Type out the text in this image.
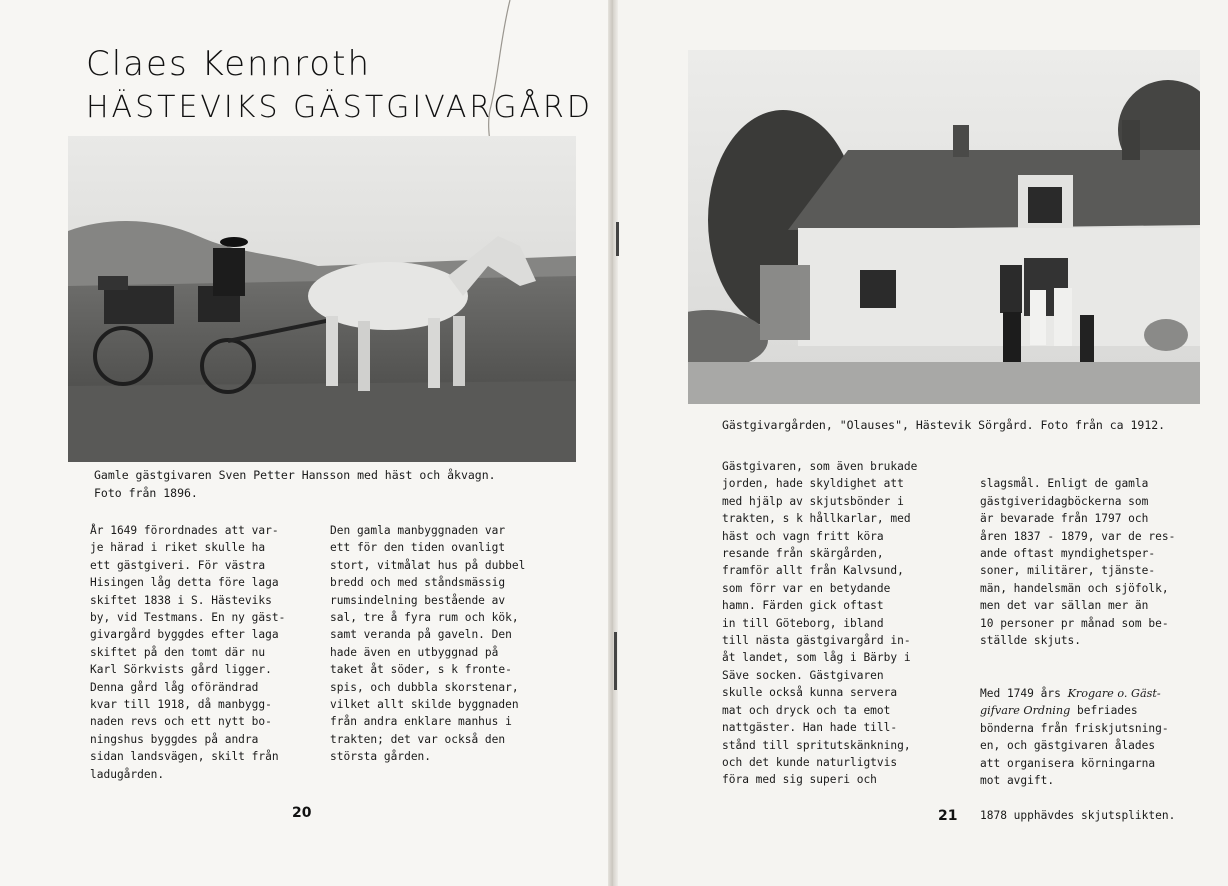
Claes Kennroth
HÄSTEVIKS GÄSTGIVARGÅRD
Gamle gästgivaren Sven Petter Hansson med häst och åkvagn.
Foto från 1896.
År 1649 förordnades att var-
je härad i riket skulle ha
ett gästgiveri. För västra
Hisingen låg detta före laga
skiftet 1838 i S. Hästeviks
by, vid Testmans. En ny gäst-
givargård byggdes efter laga
skiftet på den tomt där nu
Karl Sörkvists gård ligger.
Denna gård låg oförändrad
kvar till 1918, då manbygg-
naden revs och ett nytt bo-
ningshus byggdes på andra
sidan landsvägen, skilt från
ladugården.
Den gamla manbyggnaden var
ett för den tiden ovanligt
stort, vitmålat hus på dubbel
bredd och med ståndsmässig
rumsindelning bestående av
sal, tre å fyra rum och kök,
samt veranda på gaveln. Den
hade även en utbyggnad på
taket åt söder, s k fronte-
spis, och dubbla skorstenar,
vilket allt skilde byggnaden
från andra enklare manhus i
trakten; det var också den
största gården.
20
Gästgivargården, "Olauses", Hästevik Sörgård. Foto från ca 1912.
Gästgivaren, som även brukade
jorden, hade skyldighet att
med hjälp av skjutsbönder i
trakten, s k hållkarlar, med
häst och vagn fritt köra
resande från skärgården,
framför allt från Kalvsund,
som förr var en betydande
hamn. Färden gick oftast
in till Göteborg, ibland
till nästa gästgivargård in-
åt landet, som låg i Bärby i
Säve socken. Gästgivaren
skulle också kunna servera
mat och dryck och ta emot
nattgäster. Han hade till-
stånd till spritutskänkning,
och det kunde naturligtvis
föra med sig superi och

slagsmål. Enligt de gamla
gästgiveridagböckerna som
är bevarade från 1797 och
åren 1837 - 1879, var de res-
ande oftast myndighetsper-
soner, militärer, tjänste-
män, handelsmän och sjöfolk,
men det var sällan mer än
10 personer pr månad som be-
ställde skjuts.

Med 1749 års Krogare o. Gäst-
gifvare Ordning befriades
bönderna från friskjutsning-
en, och gästgivaren ålades
att organisera körningarna
mot avgift.

1878 upphävdes skjutsplikten.

21
